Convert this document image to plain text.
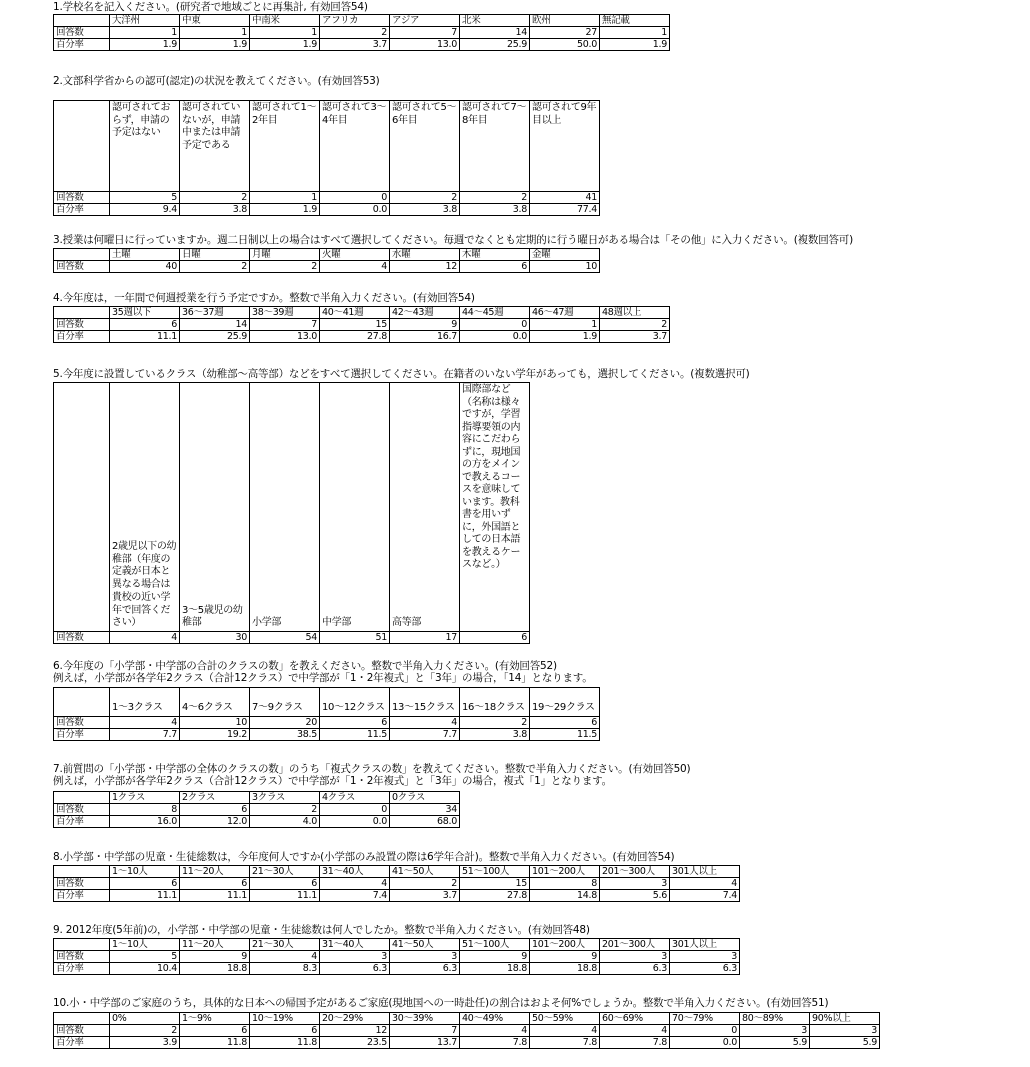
1.学校名を記入ください。(研究者で地域ごとに再集計, 有効回答54)
	大洋州	中東	中南米	アフリカ	アジア	北米	欧州	無記載
回答数	1	1	1	2	7	14	27	1
百分率	1.9	1.9	1.9	3.7	13.0	25.9	50.0	1.9
2.文部科学省からの認可(認定)の状況を教えてください。(有効回答53)
	認可されておらず，申請の予定はない	認可されていないが，申請中または申請予定である	認可されて1～2年目	認可されて3～4年目	認可されて5～6年目	認可されて7～8年目	認可されて9年目以上
回答数	5	2	1	0	2	2	41
百分率	9.4	3.8	1.9	0.0	3.8	3.8	77.4
3.授業は何曜日に行っていますか。週二日制以上の場合はすべて選択してください。毎週でなくとも定期的に行う曜日がある場合は「その他」に入力ください。(複数回答可)
	土曜	日曜	月曜	火曜	水曜	木曜	金曜
回答数	40	2	2	4	12	6	10
4.今年度は，一年間で何週授業を行う予定ですか。整数で半角入力ください。(有効回答54)
	35週以下	36～37週	38～39週	40～41週	42～43週	44～45週	46～47週	48週以上
回答数	6	14	7	15	9	0	1	2
百分率	11.1	25.9	13.0	27.8	16.7	0.0	1.9	3.7
5.今年度に設置しているクラス（幼稚部～高等部）などをすべて選択してください。在籍者のいない学年があっても，選択してください。(複数選択可)
	2歳児以下の幼稚部（年度の定義が日本と異なる場合は貴校の近い学年で回答ください）	3～5歳児の幼稚部	小学部	中学部	高等部	国際部など（名称は様々ですが，学習指導要領の内容にこだわらずに，現地国の方をメインで教えるコースを意味しています。教科書を用いずに，外国語としての日本語を教えるケースなど。）
回答数	4	30	54	51	17	6
6.今年度の「小学部・中学部の合計のクラスの数」を教えください。整数で半角入力ください。(有効回答52)
例えば，小学部が各学年2クラス（合計12クラス）で中学部が「1・2年複式」と「3年」の場合，「14」となります。
	1～3クラス	4～6クラス	7～9クラス	10～12クラス	13～15クラス	16～18クラス	19～29クラス
回答数	4	10	20	6	4	2	6
百分率	7.7	19.2	38.5	11.5	7.7	3.8	11.5
7.前質問の「小学部・中学部の全体のクラスの数」のうち「複式クラスの数」を教えてください。整数で半角入力ください。(有効回答50)
例えば，小学部が各学年2クラス（合計12クラス）で中学部が「1・2年複式」と「3年」の場合，複式「1」となります。
	1クラス	2クラス	3クラス	4クラス	0クラス
回答数	8	6	2	0	34
百分率	16.0	12.0	4.0	0.0	68.0
8.小学部・中学部の児童・生徒総数は，今年度何人ですか(小学部のみ設置の際は6学年合計)。整数で半角入力ください。(有効回答54)
	1～10人	11～20人	21～30人	31～40人	41～50人	51～100人	101～200人	201～300人	301人以上
回答数	6	6	6	4	2	15	8	3	4
百分率	11.1	11.1	11.1	7.4	3.7	27.8	14.8	5.6	7.4
9. 2012年度(5年前)の，小学部・中学部の児童・生徒総数は何人でしたか。整数で半角入力ください。(有効回答48)
	1～10人	11～20人	21～30人	31～40人	41～50人	51～100人	101～200人	201～300人	301人以上
回答数	5	9	4	3	3	9	9	3	3
百分率	10.4	18.8	8.3	6.3	6.3	18.8	18.8	6.3	6.3
10.小・中学部のご家庭のうち，具体的な日本への帰国予定があるご家庭(現地国への一時赴任)の割合はおよそ何%でしょうか。整数で半角入力ください。(有効回答51)
	0%	1～9%	10～19%	20～29%	30～39%	40～49%	50～59%	60～69%	70～79%	80～89%	90%以上
回答数	2	6	6	12	7	4	4	4	0	3	3
百分率	3.9	11.8	11.8	23.5	13.7	7.8	7.8	7.8	0.0	5.9	5.9
